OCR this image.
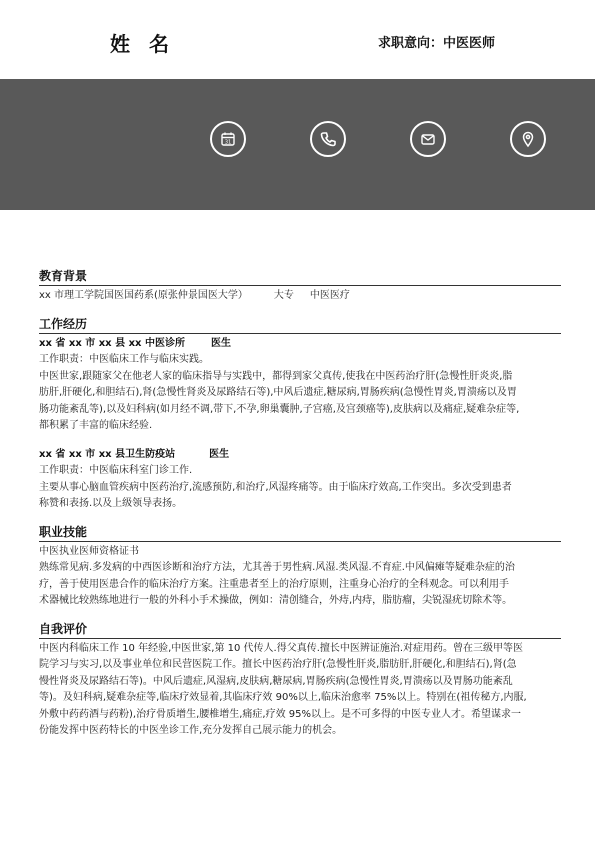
姓 名	求职意向：中医医师
31
教育背景
xx 市理工学院国医国药系(原张仲景国医大学）	大专 中医医疗
工作经历
xx 省 xx 市 xx 县 xx 中医诊所	医生
工作职责：中医临床工作与临床实践。
中医世家,跟随家父在他老人家的临床指导与实践中，都得到家父真传,使我在中医药治疗肝(急慢性肝炎炎,脂
肪肝,肝硬化,和胆结石),肾(急慢性肾炎及尿路结石等),中风后遗症,糖尿病,胃肠疾病(急慢性胃炎,胃溃疡以及胃
肠功能紊乱等),以及妇科病(如月经不调,带下,不孕,卵巢囊肿,子宫癌,及宫颈癌等),皮肤病以及痛症,疑难杂症等,
都积累了丰富的临床经验.
xx 省 xx 市 xx 县卫生防疫站	医生
工作职责：中医临床科室门诊工作.
主要从事心脑血管疾病中医药治疗,流感预防,和治疗,风湿疼痛等。由于临床疗效高,工作突出。多次受到患者
称赞和表扬.以及上级领导表扬。
职业技能
中医执业医师资格证书
熟练常见病.多发病的中西医诊断和治疗方法，尤其善于男性病.风湿.类风湿.不育症.中风偏瘫等疑难杂症的治
疗，善于使用医患合作的临床治疗方案。注重患者至上的治疗原则，注重身心治疗的全科观念。可以利用手
术器械比较熟练地进行一般的外科小手术操做，例如：清创缝合，外痔,内痔，脂肪瘤，尖锐湿疣切除术等。
自我评价
中医内科临床工作 10 年经验,中医世家,第 10 代传人.得父真传.擅长中医辨证施治.对症用药。曾在三级甲等医
院学习与实习,以及事业单位和民营医院工作。擅长中医药治疗肝(急慢性肝炎,脂肪肝,肝硬化,和胆结石),肾(急
慢性肾炎及尿路结石等)。中风后遗症,风湿病,皮肤病,糖尿病,胃肠疾病(急慢性胃炎,胃溃疡以及胃肠功能紊乱
等)。及妇科病,疑难杂症等,临床疗效显着,其临床疗效 90%以上,临床治愈率 75%以上。特别在(祖传秘方,内服,
外敷中药药酒与药粉),治疗骨质增生,腰椎增生,痛症,疗效 95%以上。是不可多得的中医专业人才。希望谋求一
份能发挥中医药特长的中医坐诊工作,充分发挥自己展示能力的机会。
